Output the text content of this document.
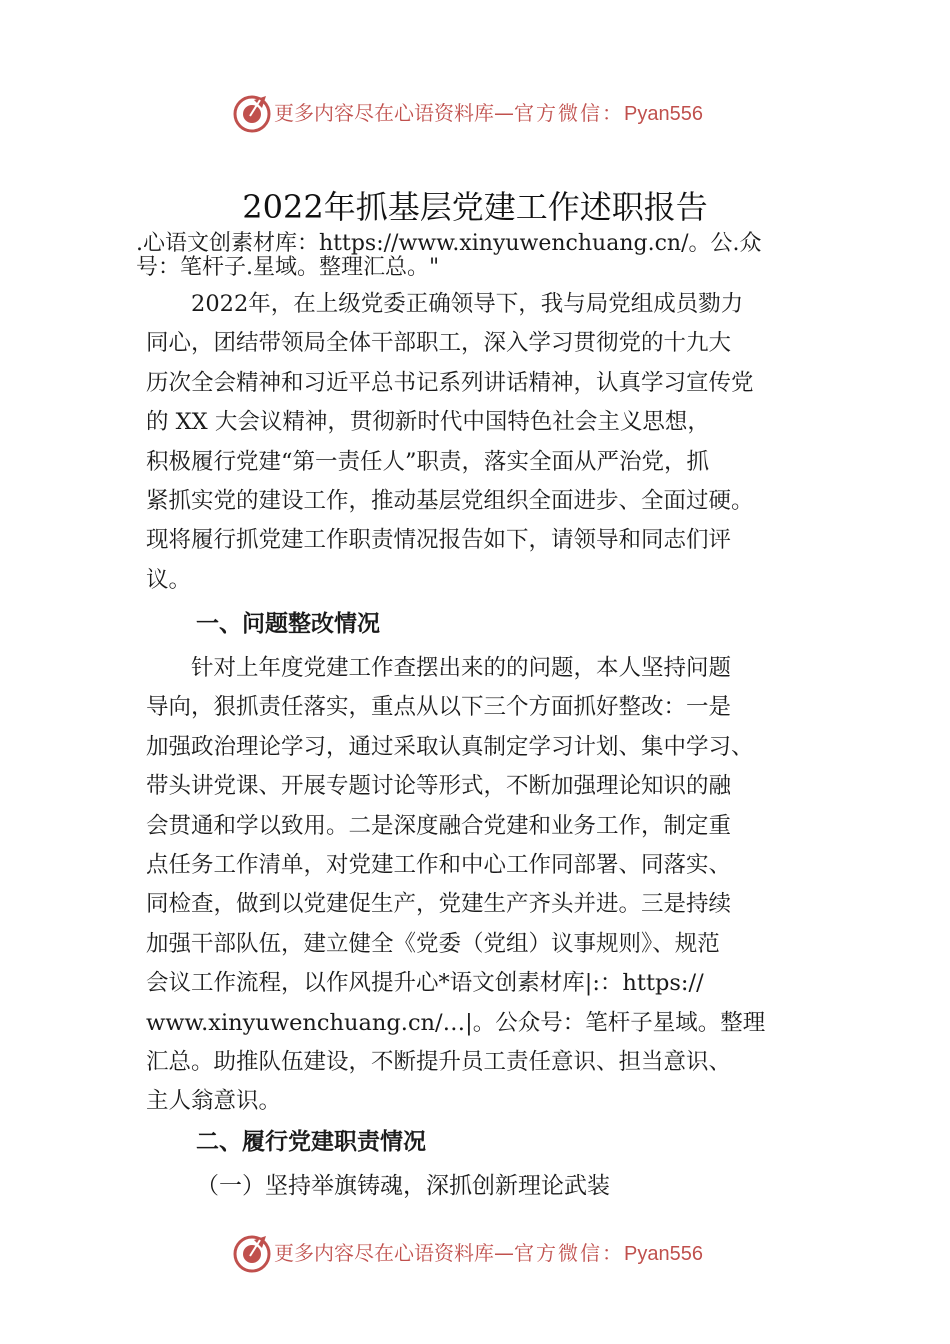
更多内容尽在心语资料库—官方微信：Pyan556
2022年抓基层党建工作述职报告
.心语文创素材库：https://www.xinyuwenchuang.cn/。公.众
号：笔杆子.星域。整理汇总。"
　　2022年，在上级党委正确领导下，我与局党组成员勠力
同心，团结带领局全体干部职工，深入学习贯彻党的十九大
历次全会精神和习近平总书记系列讲话精神，认真学习宣传党
的 XX 大会议精神，贯彻新时代中国特色社会主义思想，
积极履行党建“第一责任人”职责，落实全面从严治党，抓
紧抓实党的建设工作，推动基层党组织全面进步、全面过硬。
现将履行抓党建工作职责情况报告如下，请领导和同志们评
议。
一、问题整改情况
　　针对上年度党建工作查摆出来的的问题，本人坚持问题
导向，狠抓责任落实，重点从以下三个方面抓好整改：一是
加强政治理论学习，通过采取认真制定学习计划、集中学习、
带头讲党课、开展专题讨论等形式，不断加强理论知识的融
会贯通和学以致用。二是深度融合党建和业务工作，制定重
点任务工作清单，对党建工作和中心工作同部署、同落实、
同检查，做到以党建促生产，党建生产齐头并进。三是持续
加强干部队伍，建立健全《党委（党组）议事规则》、规范
会议工作流程，以作风提升心*语文创素材库|:：https://
www.xinyuwenchuang.cn/…|。公众号：笔杆子星域。整理
汇总。助推队伍建设，不断提升员工责任意识、担当意识、
主人翁意识。
二、履行党建职责情况
（一）坚持举旗铸魂，深抓创新理论武装
更多内容尽在心语资料库—官方微信：Pyan556
